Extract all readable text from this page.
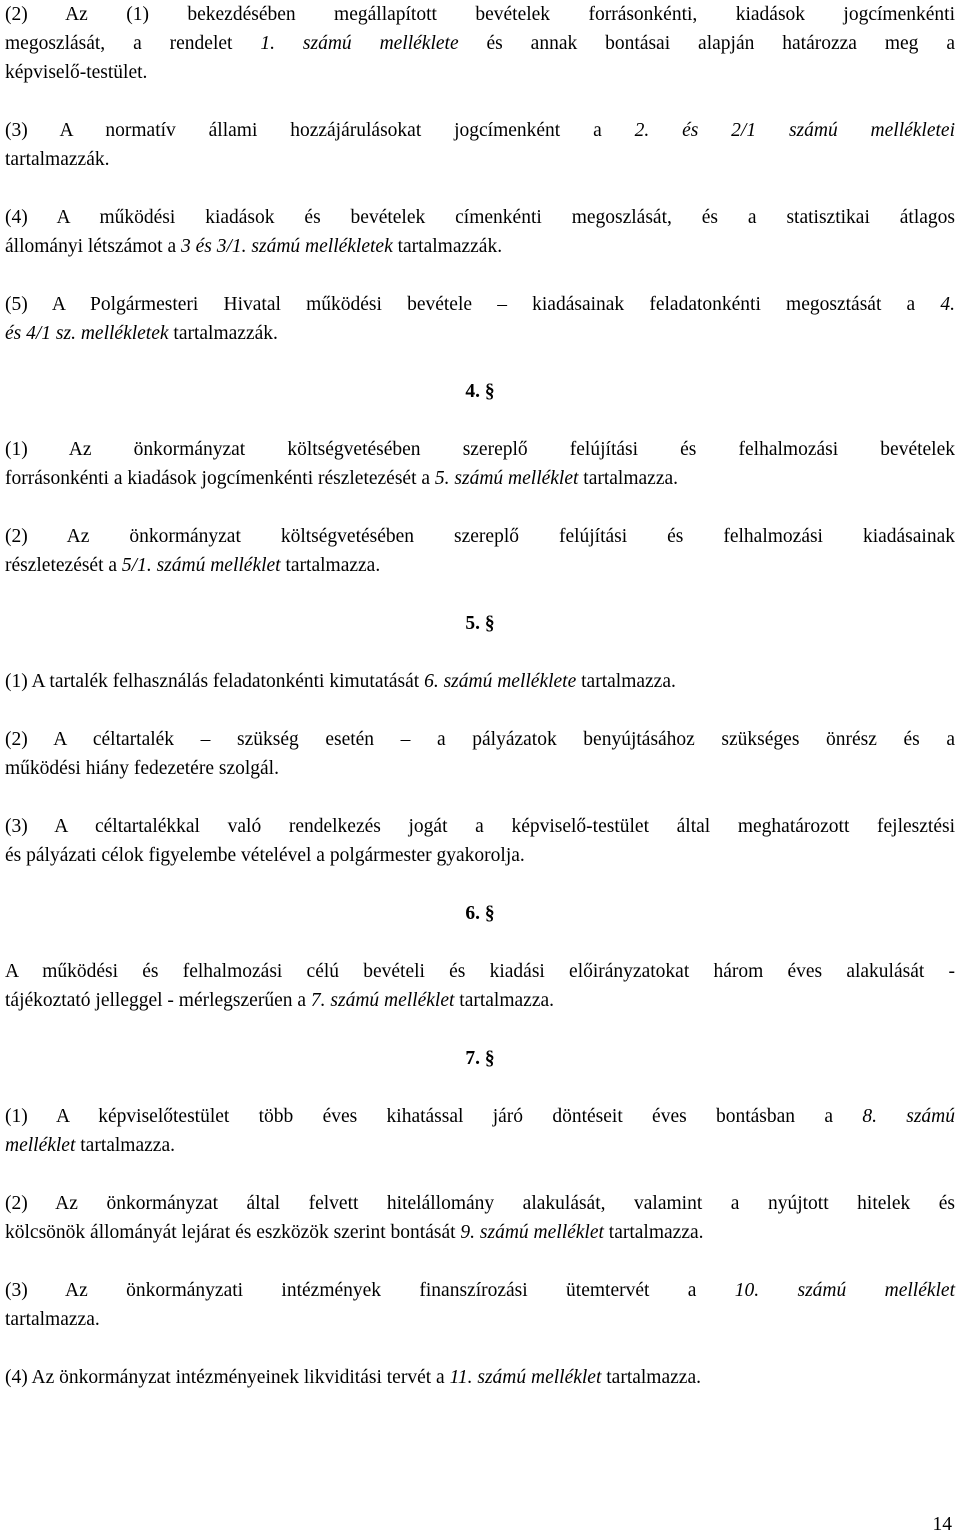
(2) Az (1) bekezdésében megállapított bevételek forrásonkénti, kiadások jogcímenkénti
megoszlását, a rendelet 1. számú melléklete és annak bontásai alapján határozza meg a
képviselő-testület.

(3) A normatív állami hozzájárulásokat jogcímenként a 2. és 2/1 számú mellékletei
tartalmazzák.

(4) A működési kiadások és bevételek címenkénti megoszlását, és a statisztikai átlagos
állományi létszámot a 3 és 3/1. számú mellékletek tartalmazzák.

(5) A Polgármesteri Hivatal működési bevétele – kiadásainak feladatonkénti megosztását a 4.
és 4/1 sz. mellékletek tartalmazzák.

4. §

(1) Az önkormányzat költségvetésében szereplő felújítási és felhalmozási bevételek
forrásonkénti a kiadások jogcímenkénti részletezését a 5. számú melléklet tartalmazza.

(2) Az önkormányzat költségvetésében szereplő felújítási és felhalmozási kiadásainak
részletezését a 5/1. számú melléklet tartalmazza.

5. §

(1) A tartalék felhasználás feladatonkénti kimutatását 6. számú melléklete tartalmazza.

(2) A céltartalék – szükség esetén – a pályázatok benyújtásához szükséges önrész és a
működési hiány fedezetére szolgál.

(3) A céltartalékkal való rendelkezés jogát a képviselő-testület által meghatározott fejlesztési
és pályázati célok figyelembe vételével a polgármester gyakorolja.

6. §

A működési és felhalmozási célú bevételi és kiadási előirányzatokat három éves alakulását -
tájékoztató jelleggel - mérlegszerűen a 7. számú melléklet tartalmazza.

7. §

(1) A képviselőtestület több éves kihatással járó döntéseit éves bontásban a 8. számú
melléklet tartalmazza.

(2) Az önkormányzat által felvett hitelállomány alakulását, valamint a nyújtott hitelek és
kölcsönök állományát lejárat és eszközök szerint bontását 9. számú melléklet tartalmazza.

(3) Az önkormányzati intézmények finanszírozási ütemtervét a 10. számú melléklet
tartalmazza.

(4) Az önkormányzat intézményeinek likviditási tervét a 11. számú melléklet tartalmazza.

14
